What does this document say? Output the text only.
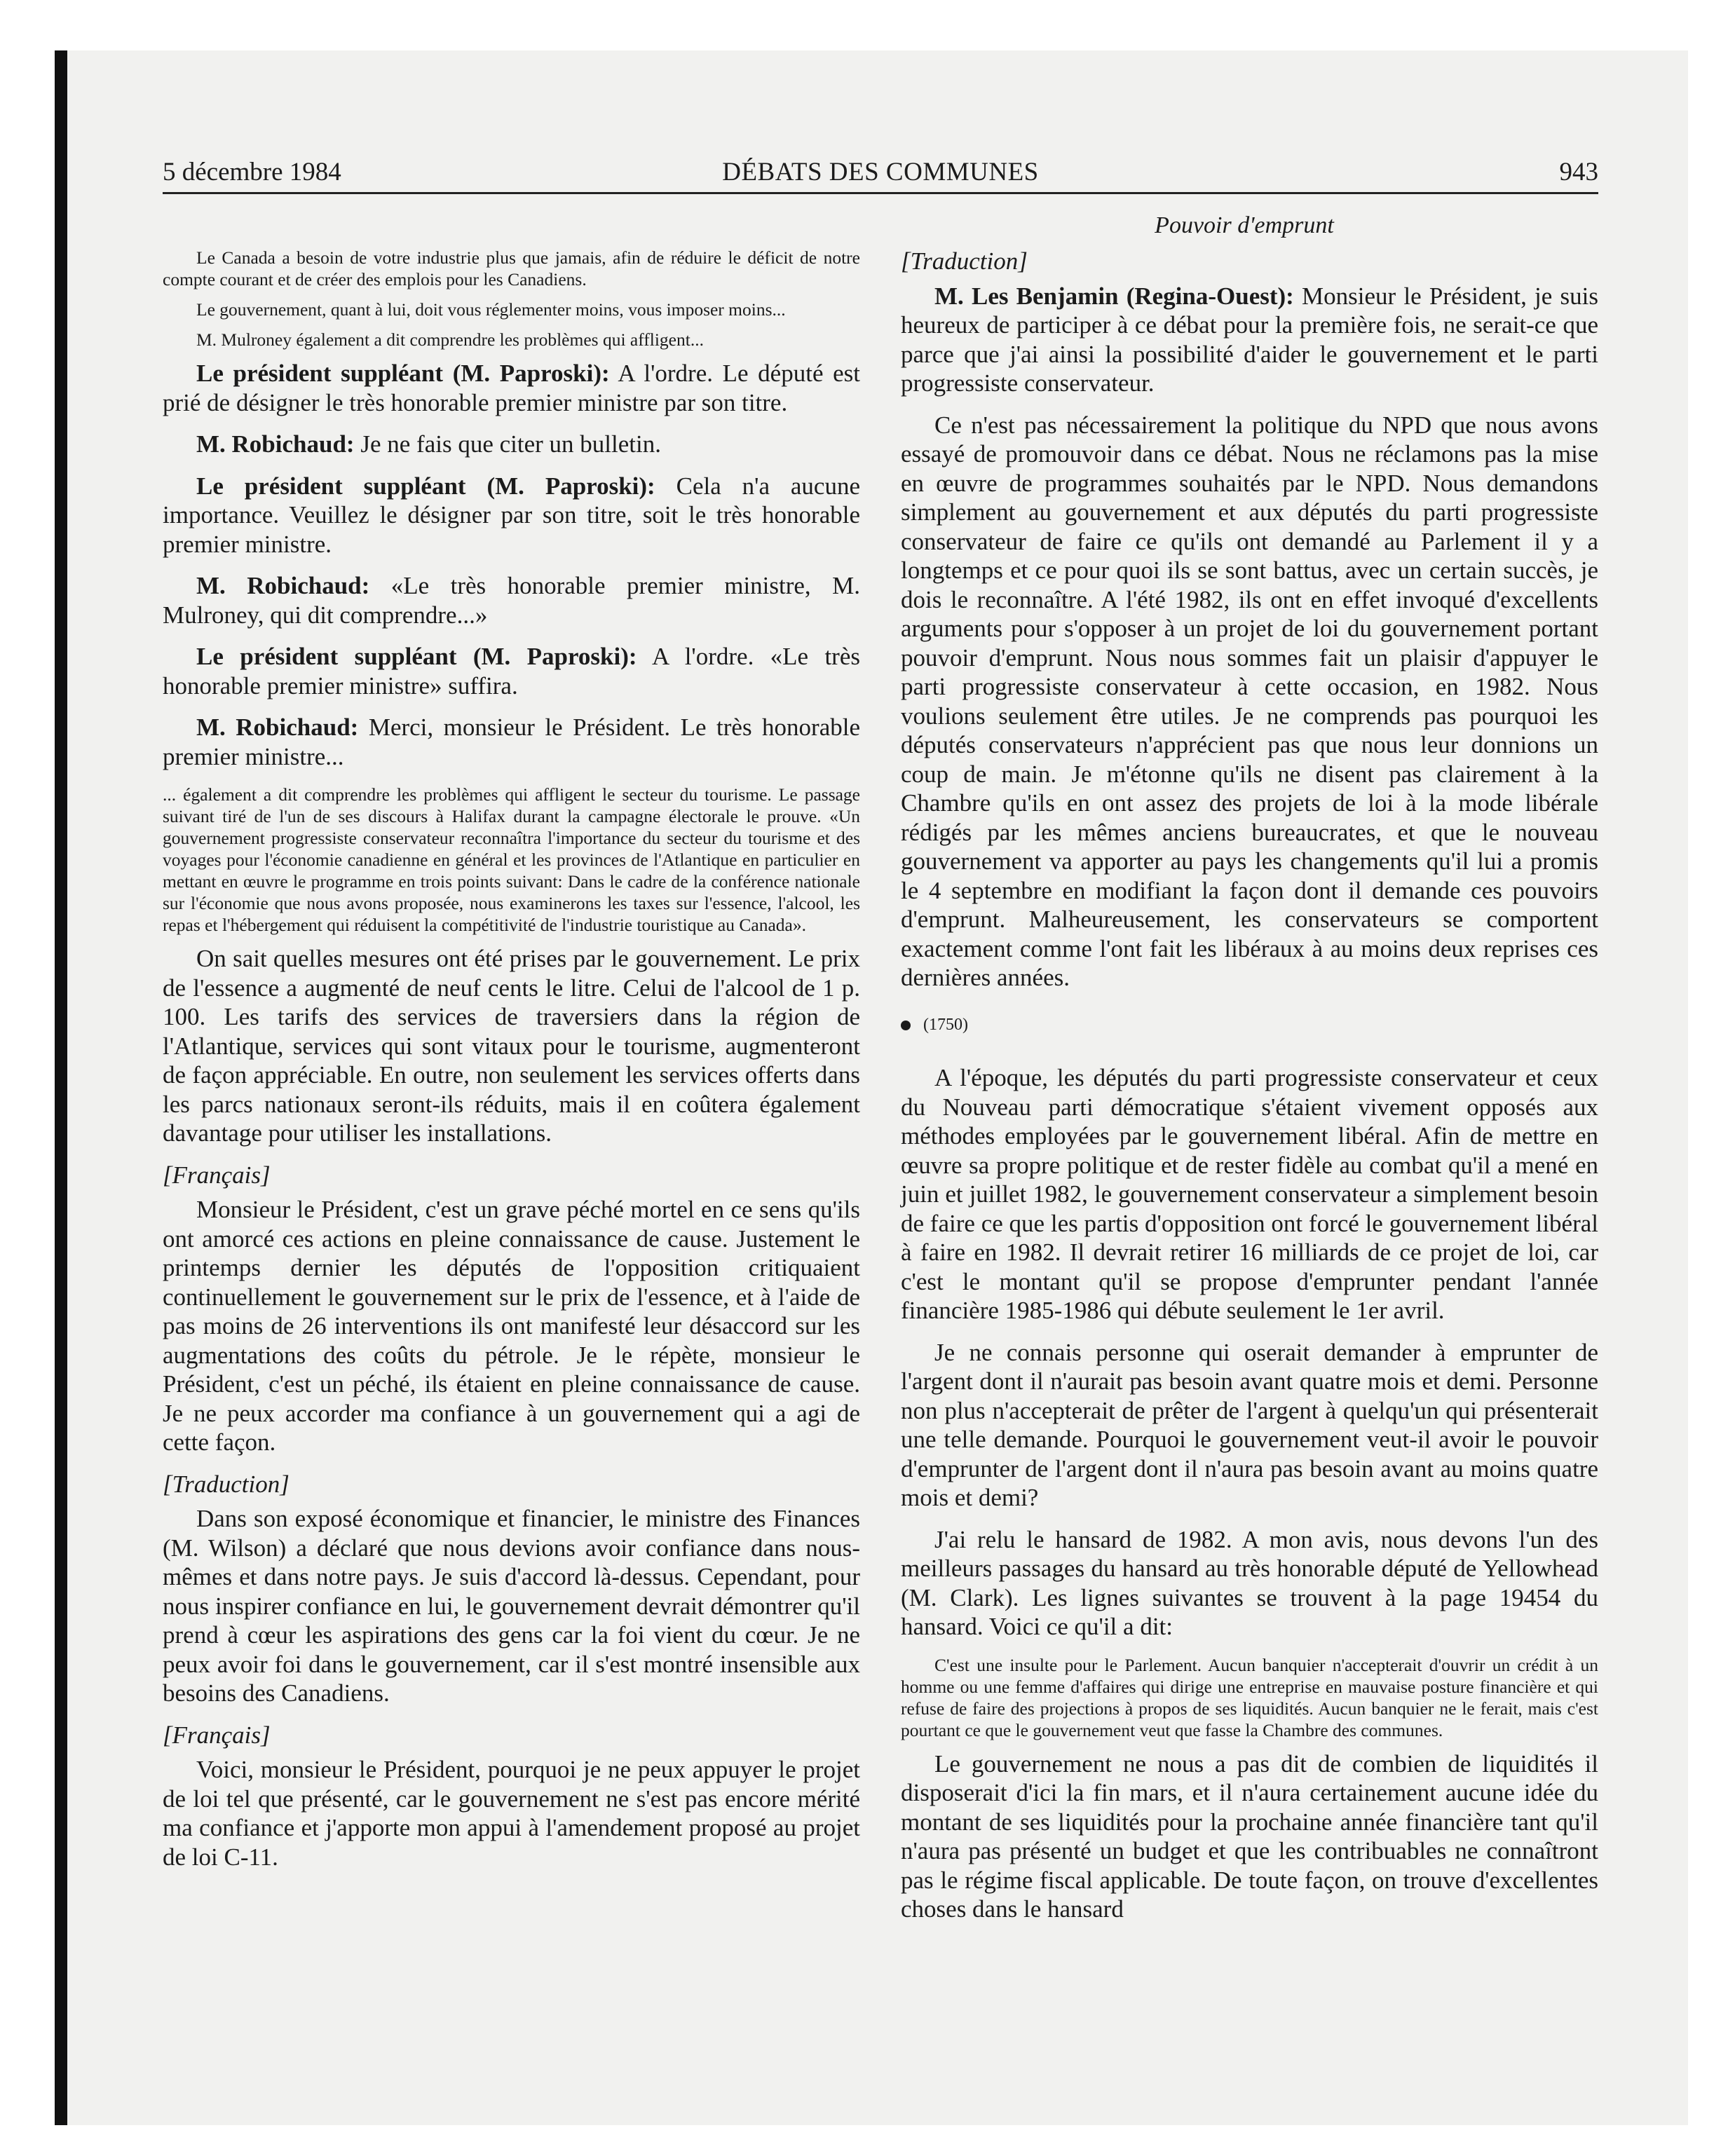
5 décembre 1984	DÉBATS DES COMMUNES	943
Pouvoir d'emprunt

Le Canada a besoin de votre industrie plus que jamais, afin de réduire le déficit de notre compte courant et de créer des emplois pour les Canadiens.

Le gouvernement, quant à lui, doit vous réglementer moins, vous imposer moins...

M. Mulroney également a dit comprendre les problèmes qui affligent...

Le président suppléant (M. Paproski): A l'ordre. Le député est prié de désigner le très honorable premier ministre par son titre.

M. Robichaud: Je ne fais que citer un bulletin.

Le président suppléant (M. Paproski): Cela n'a aucune importance. Veuillez le désigner par son titre, soit le très honorable premier ministre.

M. Robichaud: «Le très honorable premier ministre, M. Mulroney, qui dit comprendre...»

Le président suppléant (M. Paproski): A l'ordre. «Le très honorable premier ministre» suffira.

M. Robichaud: Merci, monsieur le Président. Le très honorable premier ministre...

... également a dit comprendre les problèmes qui affligent le secteur du tourisme. Le passage suivant tiré de l'un de ses discours à Halifax durant la campagne électorale le prouve. «Un gouvernement progressiste conservateur reconnaîtra l'importance du secteur du tourisme et des voyages pour l'économie canadienne en général et les provinces de l'Atlantique en particulier en mettant en œuvre le programme en trois points suivant: Dans le cadre de la conférence nationale sur l'économie que nous avons proposée, nous examinerons les taxes sur l'essence, l'alcool, les repas et l'hébergement qui réduisent la compétitivité de l'industrie touristique au Canada».

On sait quelles mesures ont été prises par le gouvernement. Le prix de l'essence a augmenté de neuf cents le litre. Celui de l'alcool de 1 p. 100. Les tarifs des services de traversiers dans la région de l'Atlantique, services qui sont vitaux pour le tourisme, augmenteront de façon appréciable. En outre, non seulement les services offerts dans les parcs nationaux seront-ils réduits, mais il en coûtera également davantage pour utiliser les installations.

[Français]

Monsieur le Président, c'est un grave péché mortel en ce sens qu'ils ont amorcé ces actions en pleine connaissance de cause. Justement le printemps dernier les députés de l'opposition critiquaient continuellement le gouvernement sur le prix de l'essence, et à l'aide de pas moins de 26 interventions ils ont manifesté leur désaccord sur les augmentations des coûts du pétrole. Je le répète, monsieur le Président, c'est un péché, ils étaient en pleine connaissance de cause. Je ne peux accorder ma confiance à un gouvernement qui a agi de cette façon.

[Traduction]

Dans son exposé économique et financier, le ministre des Finances (M. Wilson) a déclaré que nous devions avoir confiance dans nous-mêmes et dans notre pays. Je suis d'accord là-dessus. Cependant, pour nous inspirer confiance en lui, le gouvernement devrait démontrer qu'il prend à cœur les aspirations des gens car la foi vient du cœur. Je ne peux avoir foi dans le gouvernement, car il s'est montré insensible aux besoins des Canadiens.

[Français]

Voici, monsieur le Président, pourquoi je ne peux appuyer le projet de loi tel que présenté, car le gouvernement ne s'est pas encore mérité ma confiance et j'apporte mon appui à l'amendement proposé au projet de loi C-11.

[Traduction]

M. Les Benjamin (Regina-Ouest): Monsieur le Président, je suis heureux de participer à ce débat pour la première fois, ne serait-ce que parce que j'ai ainsi la possibilité d'aider le gouvernement et le parti progressiste conservateur.

Ce n'est pas nécessairement la politique du NPD que nous avons essayé de promouvoir dans ce débat. Nous ne réclamons pas la mise en œuvre de programmes souhaités par le NPD. Nous demandons simplement au gouvernement et aux députés du parti progressiste conservateur de faire ce qu'ils ont demandé au Parlement il y a longtemps et ce pour quoi ils se sont battus, avec un certain succès, je dois le reconnaître. A l'été 1982, ils ont en effet invoqué d'excellents arguments pour s'opposer à un projet de loi du gouvernement portant pouvoir d'emprunt. Nous nous sommes fait un plaisir d'appuyer le parti progressiste conservateur à cette occasion, en 1982. Nous voulions seulement être utiles. Je ne comprends pas pourquoi les députés conservateurs n'apprécient pas que nous leur donnions un coup de main. Je m'étonne qu'ils ne disent pas clairement à la Chambre qu'ils en ont assez des projets de loi à la mode libérale rédigés par les mêmes anciens bureaucrates, et que le nouveau gouvernement va apporter au pays les changements qu'il lui a promis le 4 septembre en modifiant la façon dont il demande ces pouvoirs d'emprunt. Malheureusement, les conservateurs se comportent exactement comme l'ont fait les libéraux à au moins deux reprises ces dernières années.

(1750)

A l'époque, les députés du parti progressiste conservateur et ceux du Nouveau parti démocratique s'étaient vivement opposés aux méthodes employées par le gouvernement libéral. Afin de mettre en œuvre sa propre politique et de rester fidèle au combat qu'il a mené en juin et juillet 1982, le gouvernement conservateur a simplement besoin de faire ce que les partis d'opposition ont forcé le gouvernement libéral à faire en 1982. Il devrait retirer 16 milliards de ce projet de loi, car c'est le montant qu'il se propose d'emprunter pendant l'année financière 1985-1986 qui débute seulement le 1er avril.

Je ne connais personne qui oserait demander à emprunter de l'argent dont il n'aurait pas besoin avant quatre mois et demi. Personne non plus n'accepterait de prêter de l'argent à quelqu'un qui présenterait une telle demande. Pourquoi le gouvernement veut-il avoir le pouvoir d'emprunter de l'argent dont il n'aura pas besoin avant au moins quatre mois et demi?

J'ai relu le hansard de 1982. A mon avis, nous devons l'un des meilleurs passages du hansard au très honorable député de Yellowhead (M. Clark). Les lignes suivantes se trouvent à la page 19454 du hansard. Voici ce qu'il a dit:

C'est une insulte pour le Parlement. Aucun banquier n'accepterait d'ouvrir un crédit à un homme ou une femme d'affaires qui dirige une entreprise en mauvaise posture financière et qui refuse de faire des projections à propos de ses liquidités. Aucun banquier ne le ferait, mais c'est pourtant ce que le gouvernement veut que fasse la Chambre des communes.

Le gouvernement ne nous a pas dit de combien de liquidités il disposerait d'ici la fin mars, et il n'aura certainement aucune idée du montant de ses liquidités pour la prochaine année financière tant qu'il n'aura pas présenté un budget et que les contribuables ne connaîtront pas le régime fiscal applicable. De toute façon, on trouve d'excellentes choses dans le hansard
